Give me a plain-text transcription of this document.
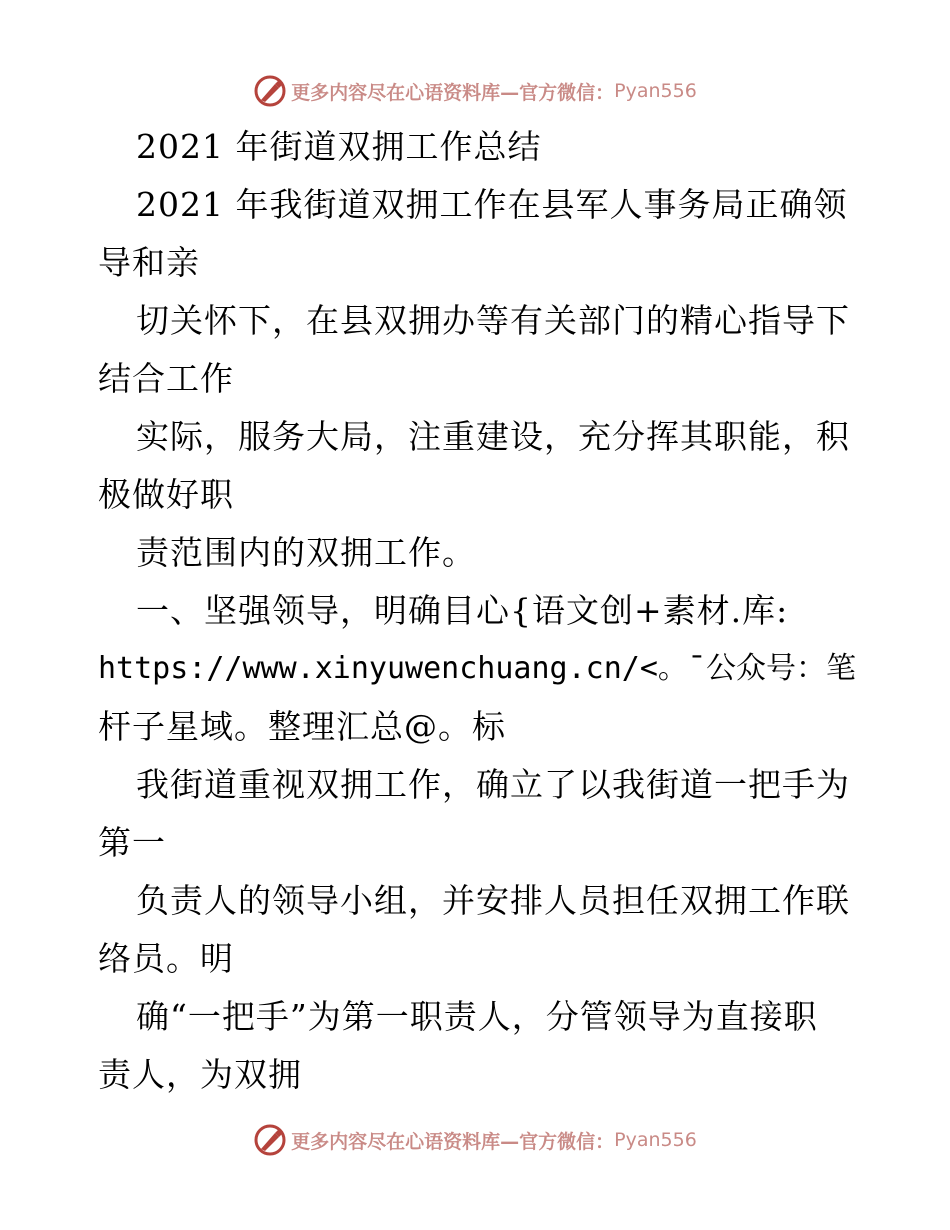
更多内容尽在心语资料库—官方微信： Pyan556
2021 年街道双拥工作总结
2021 年我街道双拥工作在县军人事务局正确领
导和亲
切关怀下，在县双拥办等有关部门的精心指导下
结合工作
实际，服务大局，注重建设，充分挥其职能，积
极做好职
责范围内的双拥工作。
一、坚强领导，明确目心{语文创+素材.库:
https://www.xinyuwenchuang.cn/<。¯公众号：笔
杆子星域。整理汇总@。标
我街道重视双拥工作，确立了以我街道一把手为
第一
负责人的领导小组，并安排人员担任双拥工作联
络员。明
确“一把手”为第一职责人，分管领导为直接职
责人，为双拥
更多内容尽在心语资料库—官方微信： Pyan556
